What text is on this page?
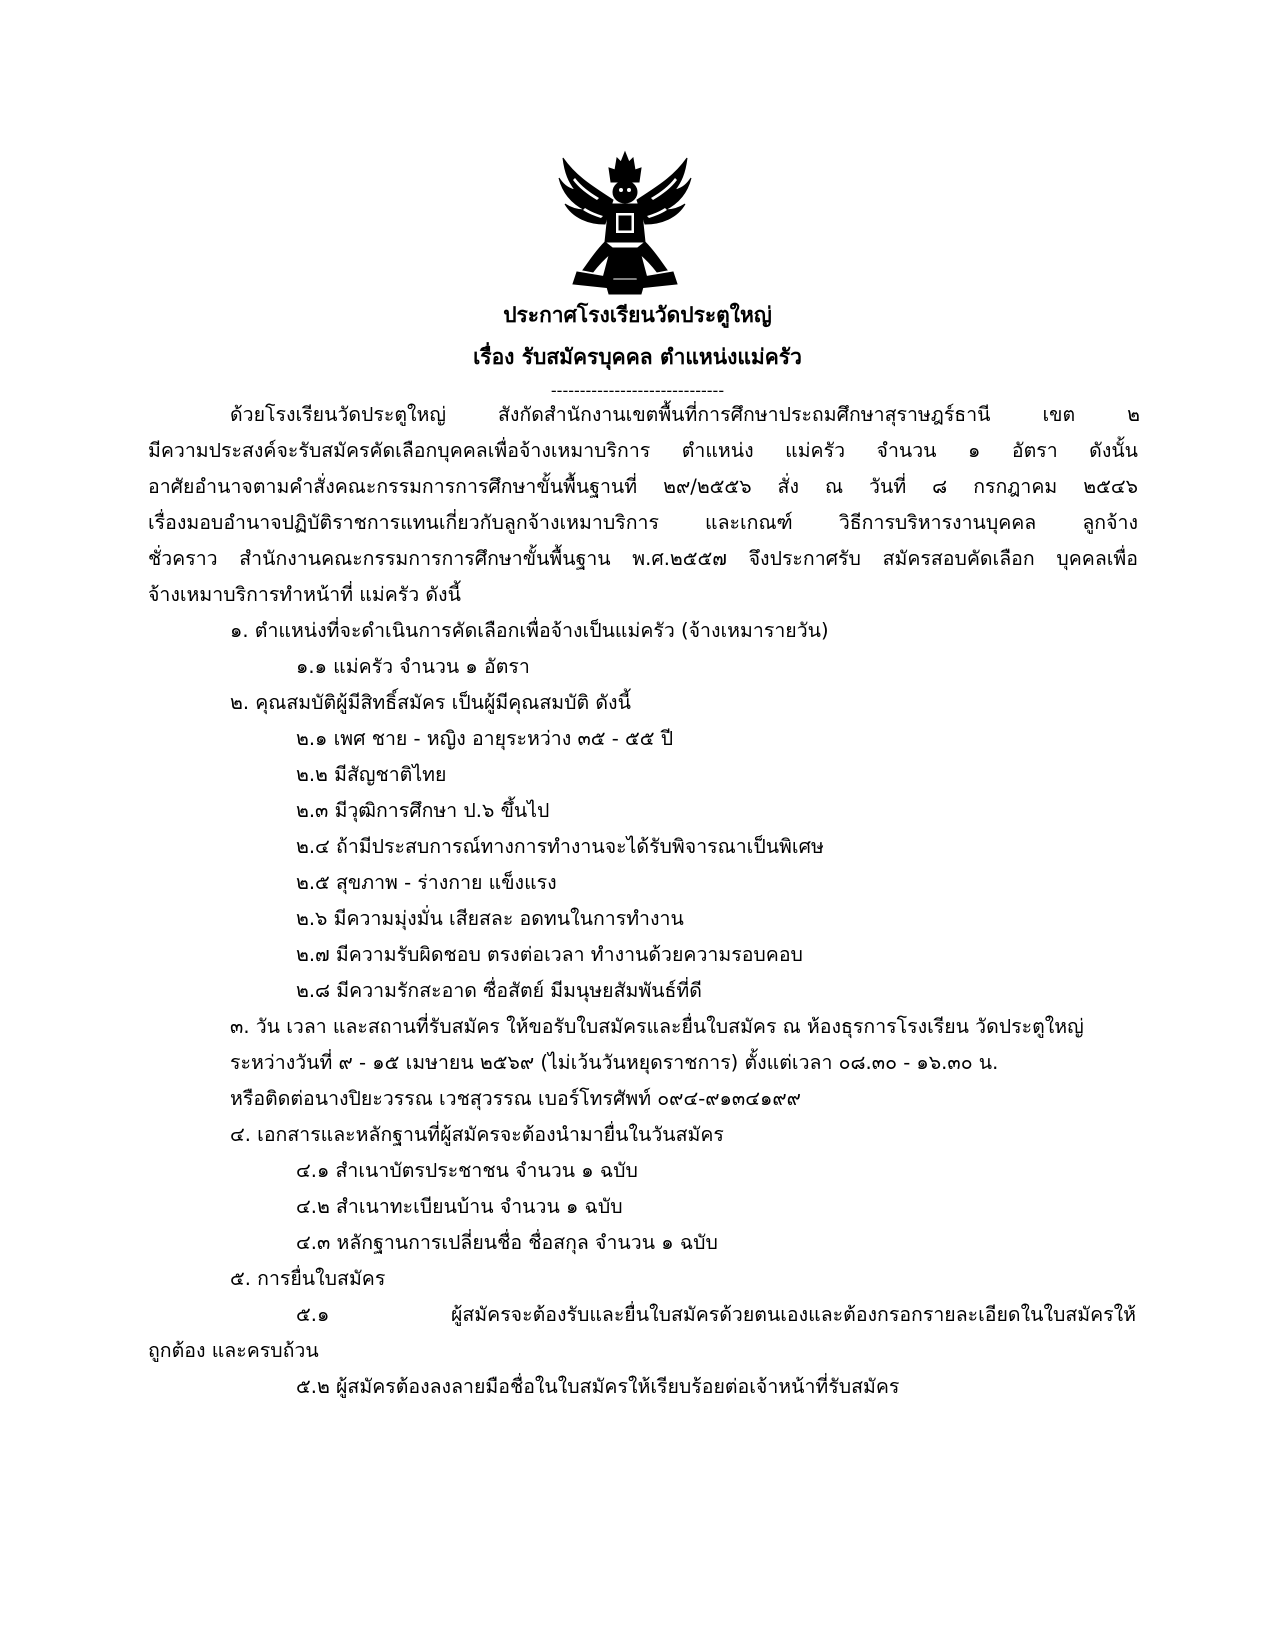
ประกาศโรงเรียนวัดประตูใหญ่
เรื่อง รับสมัครบุคคล ตำแหน่งแม่ครัว
------------------------------
ด้วยโรงเรียนวัดประตูใหญ่ สังกัดสำนักงานเขตพื้นที่การศึกษาประถมศึกษาสุราษฎร์ธานี เขต ๒
มีความประสงค์จะรับสมัครคัดเลือกบุคคลเพื่อจ้างเหมาบริการ ตำแหน่ง แม่ครัว จำนวน ๑ อัตรา ดังนั้น
อาศัยอำนาจตามคำสั่งคณะกรรมการการศึกษาขั้นพื้นฐานที่ ๒๙/๒๕๕๖ สั่ง ณ วันที่ ๘ กรกฎาคม ๒๕๔๖
เรื่องมอบอำนาจปฏิบัติราชการแทนเกี่ยวกับลูกจ้างเหมาบริการ และเกณฑ์ วิธีการบริหารงานบุคคล ลูกจ้าง
ชั่วคราว สำนักงานคณะกรรมการการศึกษาขั้นพื้นฐาน พ.ศ.๒๕๕๗ จึงประกาศรับ สมัครสอบคัดเลือก บุคคลเพื่อ
จ้างเหมาบริการทำหน้าที่ แม่ครัว ดังนี้
๑. ตำแหน่งที่จะดำเนินการคัดเลือกเพื่อจ้างเป็นแม่ครัว (จ้างเหมารายวัน)
๑.๑ แม่ครัว จำนวน ๑ อัตรา
๒. คุณสมบัติผู้มีสิทธิ์สมัคร เป็นผู้มีคุณสมบัติ ดังนี้
๒.๑ เพศ ชาย - หญิง อายุระหว่าง ๓๕ - ๕๕ ปี
๒.๒ มีสัญชาติไทย
๒.๓ มีวุฒิการศึกษา ป.๖ ขึ้นไป
๒.๔ ถ้ามีประสบการณ์ทางการทำงานจะได้รับพิจารณาเป็นพิเศษ
๒.๕ สุขภาพ - ร่างกาย แข็งแรง
๒.๖ มีความมุ่งมั่น เสียสละ อดทนในการทำงาน
๒.๗ มีความรับผิดชอบ ตรงต่อเวลา ทำงานด้วยความรอบคอบ
๒.๘ มีความรักสะอาด ซื่อสัตย์ มีมนุษยสัมพันธ์ที่ดี
๓. วัน เวลา และสถานที่รับสมัคร ให้ขอรับใบสมัครและยื่นใบสมัคร ณ ห้องธุรการโรงเรียน วัดประตูใหญ่
ระหว่างวันที่ ๙ - ๑๕ เมษายน ๒๕๖๙ (ไม่เว้นวันหยุดราชการ) ตั้งแต่เวลา ๐๘.๓๐ - ๑๖.๓๐ น.
หรือติดต่อนางปิยะวรรณ เวชสุวรรณ เบอร์โทรศัพท์ ๐๙๔-๙๑๓๔๑๙๙
๔. เอกสารและหลักฐานที่ผู้สมัครจะต้องนำมายื่นในวันสมัคร
๔.๑ สำเนาบัตรประชาชน จำนวน ๑ ฉบับ
๔.๒ สำเนาทะเบียนบ้าน จำนวน ๑ ฉบับ
๔.๓ หลักฐานการเปลี่ยนชื่อ ชื่อสกุล จำนวน ๑ ฉบับ
๕. การยื่นใบสมัคร
๕.๑ ผู้สมัครจะต้องรับและยื่นใบสมัครด้วยตนเองและต้องกรอกรายละเอียดในใบสมัครให้
ถูกต้อง และครบถ้วน
๕.๒ ผู้สมัครต้องลงลายมือชื่อในใบสมัครให้เรียบร้อยต่อเจ้าหน้าที่รับสมัคร
